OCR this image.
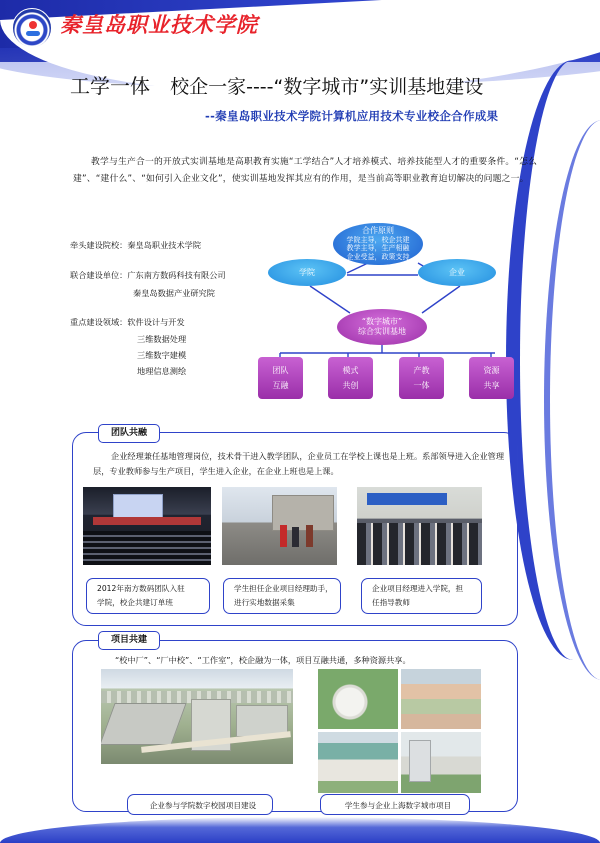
秦皇岛职业技术学院
Qinhuangdao Institute of Technology
工学一体 校企一家----“数字城市”实训基地建设
--秦皇岛职业技术学院计算机应用技术专业校企合作成果
教学与生产合一的开放式实训基地是高职教育实施“工学结合”人才培养模式、培养技能型人才的重要条件。“怎么建”、“建什么”、“如何引入企业文化”，使实训基地发挥其应有的作用，是当前高等职业教育迫切解决的问题之一。
牵头建设院校：秦皇岛职业技术学院
联合建设单位：广东南方数码科技有限公司
秦皇岛数据产业研究院
重点建设领域：软件设计与开发
三维数据处理
三维数字建模
地理信息测绘
合作原则
学院主导，校企共建
教学主导，生产相融
企业受益，政策支持
学院	企业
“数字城市”
综合实训基地
团队
互融
模式
共创
产教
一体
资源
共享
团队共融
企业经理兼任基地管理岗位，技术骨干进入教学团队，企业员工在学校上课也是上班。系部领导进入企业管理层，专业教师参与生产项目，学生进入企业，在企业上班也是上课。
2012年南方数码团队入驻
学院，校企共建订单班
学生担任企业项目经理助手，
进行实地数据采集
企业项目经理进入学院，担
任指导教师
项目共建
“校中厂”、“厂中校”、“工作室”，校企融为一体，项目互融共通，多种资源共享。
企业参与学院数字校园项目建设	学生参与企业上海数字城市项目
